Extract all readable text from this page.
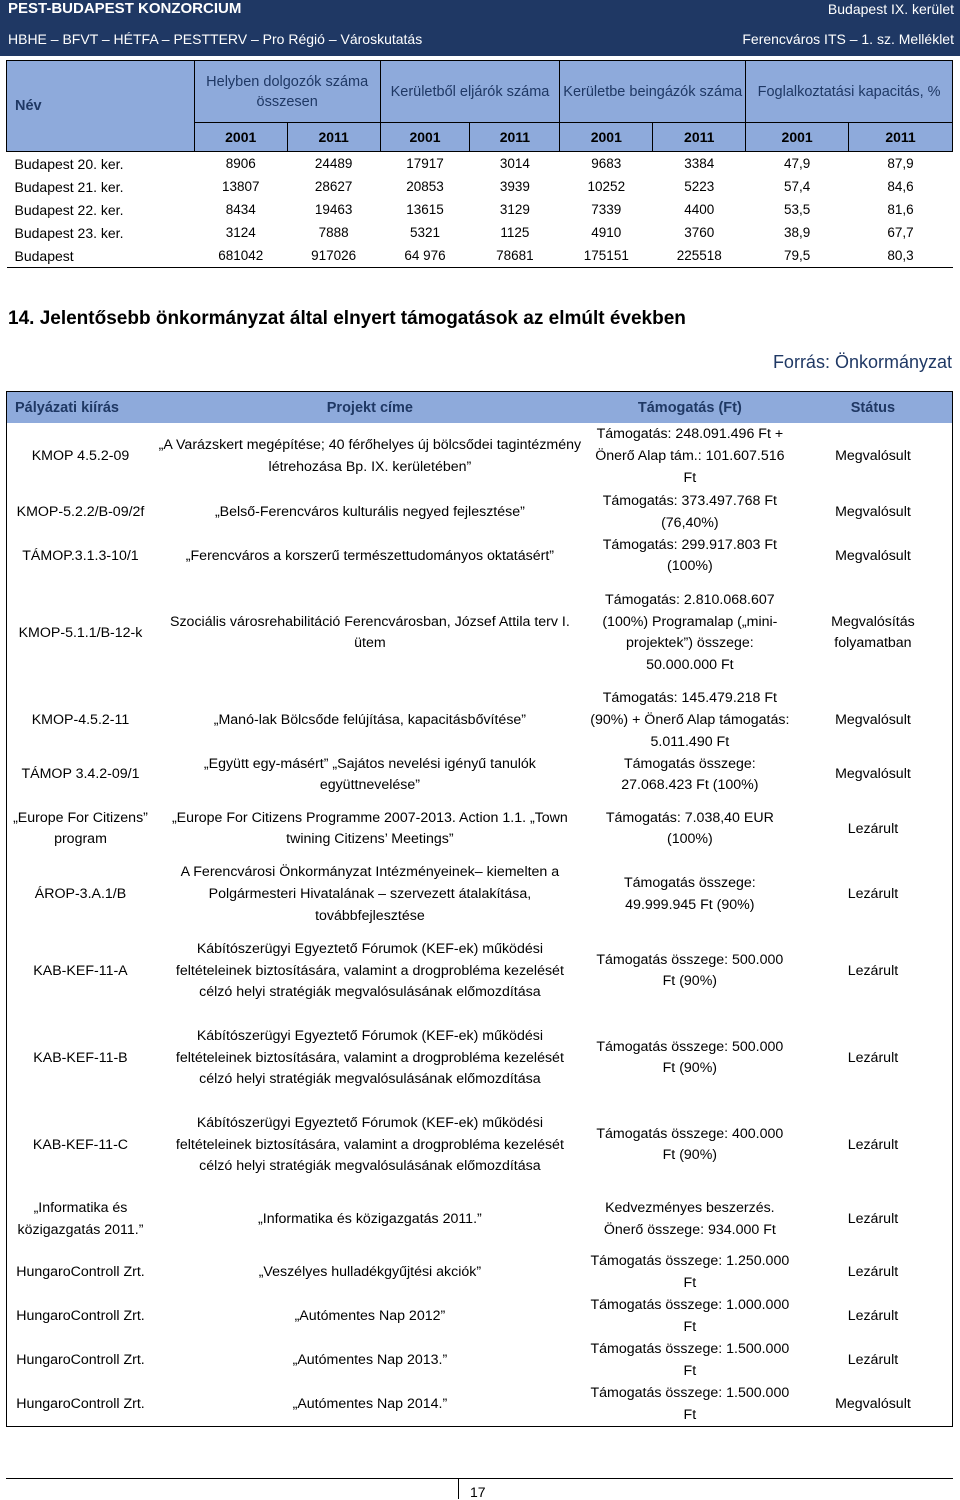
PEST-BUDAPEST KONZORCIUM
HBHE – BFVT – HÉTFA – PESTTERV – Pro Régió – Városkutatás
Budapest IX. kerület
Ferencváros ITS – 1. sz. Melléklet
Név	Helyben dolgozók száma összesen		Kerületből eljárók száma		Kerületbe beingázók száma		Foglalkoztatási kapacitás, %	
	2001	2011	2001	2011	2001	2011	2001	2011
Budapest 20. ker.	8906	24489	17917	3014	9683	3384	47,9	87,9
Budapest 21. ker.	13807	28627	20853	3939	10252	5223	57,4	84,6
Budapest 22. ker.	8434	19463	13615	3129	7339	4400	53,5	81,6
Budapest 23. ker.	3124	7888	5321	1125	4910	3760	38,9	67,7
Budapest	681042	917026	64 976	78681	175151	225518	79,5	80,3
14. Jelentősebb önkormányzat által elnyert támogatások az elmúlt években
Forrás: Önkormányzat
Pályázati kiírás	Projekt címe	Támogatás (Ft)	Státus
KMOP 4.5.2-09	„A Varázskert megépítése; 40 férőhelyes új bölcsődei tagintézmény létrehozása Bp. IX. kerületében”	Támogatás: 248.091.496 Ft + Önerő Alap tám.: 101.607.516 Ft	Megvalósult
KMOP-5.2.2/B-09/2f	„Belső-Ferencváros kulturális negyed fejlesztése”	Támogatás: 373.497.768 Ft (76,40%)	Megvalósult
TÁMOP.3.1.3-10/1	„Ferencváros a korszerű természettudományos oktatásért”	Támogatás: 299.917.803 Ft (100%)	Megvalósult
KMOP-5.1.1/B-12-k	Szociális városrehabilitáció Ferencvárosban, József Attila terv I. ütem	Támogatás: 2.810.068.607 (100%) Programalap („mini-projektek”) összege: 50.000.000 Ft	Megvalósítás folyamatban
KMOP-4.5.2-11	„Manó-lak Bölcsőde felújítása, kapacitásbővítése”	Támogatás: 145.479.218 Ft (90%) + Önerő Alap támogatás: 5.011.490 Ft	Megvalósult
TÁMOP 3.4.2-09/1	„Együtt egy-másért” „Sajátos nevelési igényű tanulók együttnevelése”	Támogatás összege: 27.068.423 Ft (100%)	Megvalósult
„Europe For Citizens” program	„Europe For Citizens Programme 2007-2013. Action 1.1. „Town twining Citizens’ Meetings”	Támogatás: 7.038,40 EUR (100%)	Lezárult
ÁROP-3.A.1/B	A Ferencvárosi Önkormányzat Intézményeinek– kiemelten a Polgármesteri Hivatalának – szervezett átalakítása, továbbfejlesztése	Támogatás összege: 49.999.945 Ft (90%)	Lezárult
KAB-KEF-11-A	Kábítószerügyi Egyeztető Fórumok (KEF-ek) működési feltételeinek biztosítására, valamint a drogprobléma kezelését célzó helyi stratégiák megvalósulásának előmozdítása	Támogatás összege: 500.000 Ft (90%)	Lezárult
KAB-KEF-11-B	Kábítószerügyi Egyeztető Fórumok (KEF-ek) működési feltételeinek biztosítására, valamint a drogprobléma kezelését célzó helyi stratégiák megvalósulásának előmozdítása	Támogatás összege: 500.000 Ft (90%)	Lezárult
KAB-KEF-11-C	Kábítószerügyi Egyeztető Fórumok (KEF-ek) működési feltételeinek biztosítására, valamint a drogprobléma kezelését célzó helyi stratégiák megvalósulásának előmozdítása	Támogatás összege: 400.000 Ft (90%)	Lezárult
„Informatika és közigazgatás 2011.”	„Informatika és közigazgatás 2011.”	Kedvezményes beszerzés. Önerő összege: 934.000 Ft	Lezárult
HungaroControll Zrt.	„Veszélyes hulladékgyűjtési akciók”	Támogatás összege: 1.250.000 Ft	Lezárult
HungaroControll Zrt.	„Autómentes Nap 2012”	Támogatás összege: 1.000.000 Ft	Lezárult
HungaroControll Zrt.	„Autómentes Nap 2013.”	Támogatás összege: 1.500.000 Ft	Lezárult
HungaroControll Zrt.	„Autómentes Nap 2014.”	Támogatás összege: 1.500.000 Ft	Megvalósult
17
